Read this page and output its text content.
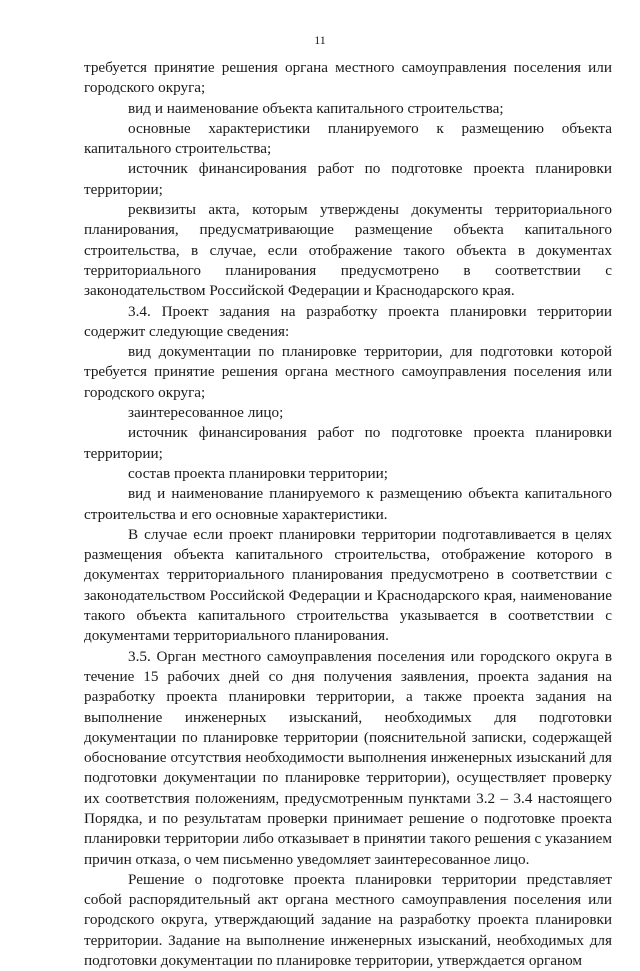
11

требуется принятие решения органа местного самоуправления поселения или городского округа;

вид и наименование объекта капитального строительства;

основные характеристики планируемого к размещению объекта капитального строительства;

источник финансирования работ по подготовке проекта планировки территории;

реквизиты акта, которым утверждены документы территориального планирования, предусматривающие размещение объекта капитального строительства, в случае, если отображение такого объекта в документах территориального планирования предусмотрено в соответствии с законодательством Российской Федерации и Краснодарского края.

3.4. Проект задания на разработку проекта планировки территории содержит следующие сведения:

вид документации по планировке территории, для подготовки которой требуется принятие решения органа местного самоуправления поселения или городского округа;

заинтересованное лицо;

источник финансирования работ по подготовке проекта планировки территории;

состав проекта планировки территории;

вид и наименование планируемого к размещению объекта капитального строительства и его основные характеристики.

В случае если проект планировки территории подготавливается в целях размещения объекта капитального строительства, отображение которого в документах территориального планирования предусмотрено в соответствии с законодательством Российской Федерации и Краснодарского края, наименование такого объекта капитального строительства указывается в соответствии с документами территориального планирования.

3.5. Орган местного самоуправления поселения или городского округа в течение 15 рабочих дней со дня получения заявления, проекта задания на разработку проекта планировки территории, а также проекта задания на выполнение инженерных изысканий, необходимых для подготовки документации по планировке территории (пояснительной записки, содержащей обоснование отсутствия необходимости выполнения инженерных изысканий для подготовки документации по планировке территории), осуществляет проверку их соответствия положениям, предусмотренным пунктами 3.2 – 3.4 настоящего Порядка, и по результатам проверки принимает решение о подготовке проекта планировки территории либо отказывает в принятии такого решения с указанием причин отказа, о чем письменно уведомляет заинтересованное лицо.

Решение о подготовке проекта планировки территории представляет собой распорядительный акт органа местного самоуправления поселения или городского округа, утверждающий задание на разработку проекта планировки территории. Задание на выполнение инженерных изысканий, необходимых для подготовки документации по планировке территории, утверждается органом
